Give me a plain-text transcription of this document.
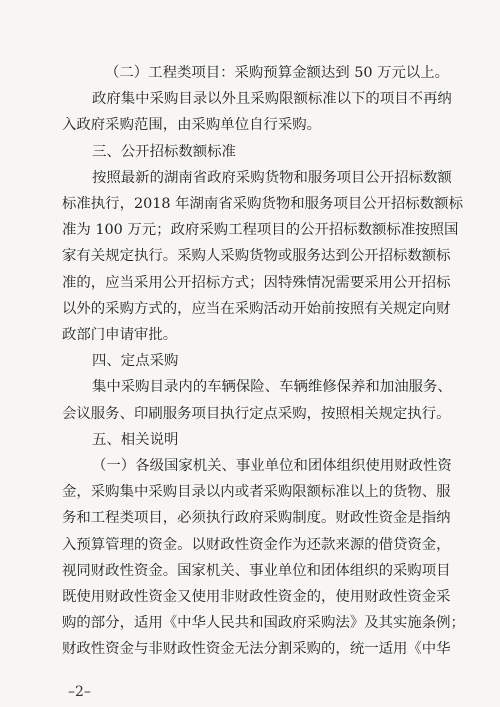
（二）工程类项目：采购预算金额达到 50 万元以上。
政府集中采购目录以外且采购限额标准以下的项目不再纳
入政府采购范围，由采购单位自行采购。
三、公开招标数额标准
按照最新的湖南省政府采购货物和服务项目公开招标数额
标准执行，2018 年湖南省采购货物和服务项目公开招标数额标
准为 100 万元；政府采购工程项目的公开招标数额标准按照国
家有关规定执行。采购人采购货物或服务达到公开招标数额标
准的，应当采用公开招标方式；因特殊情况需要采用公开招标
以外的采购方式的，应当在采购活动开始前按照有关规定向财
政部门申请审批。
四、定点采购
集中采购目录内的车辆保险、车辆维修保养和加油服务、
会议服务、印刷服务项目执行定点采购，按照相关规定执行。
五、相关说明
（一）各级国家机关、事业单位和团体组织使用财政性资
金，采购集中采购目录以内或者采购限额标准以上的货物、服
务和工程类项目，必须执行政府采购制度。财政性资金是指纳
入预算管理的资金。以财政性资金作为还款来源的借贷资金，
视同财政性资金。国家机关、事业单位和团体组织的采购项目
既使用财政性资金又使用非财政性资金的，使用财政性资金采
购的部分，适用《中华人民共和国政府采购法》及其实施条例；
财政性资金与非财政性资金无法分割采购的，统一适用《中华
–2–
